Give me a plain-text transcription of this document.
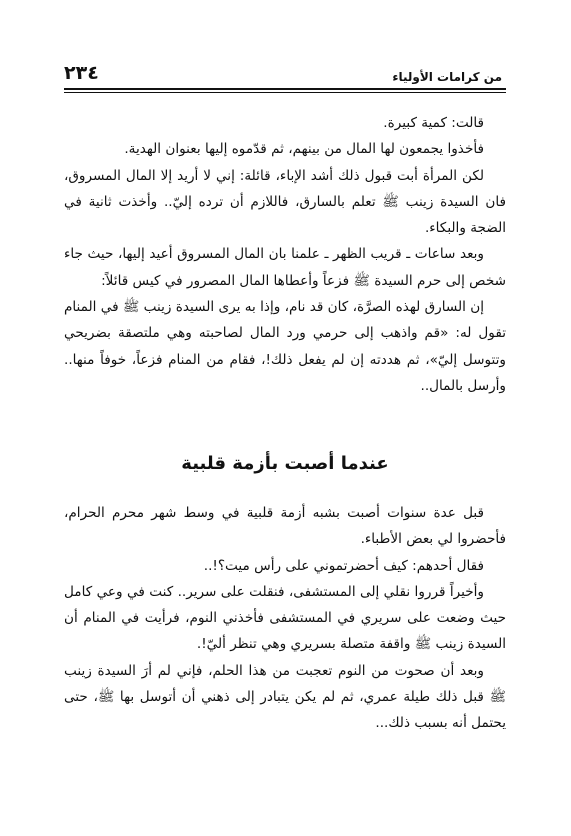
٢٣٤	من كرامات الأولياء

قالت: كمية كبيرة.

فأخذوا يجمعون لها المال من بينهم، ثم قدّموه إليها بعنوان الهدية.

لكن المرأة أبت قبول ذلك أشد الإباء، قائلة: إني لا أريد إلا المال المسروق، فان السيدة زينب ﷺ تعلم بالسارق، فاللازم أن ترده إليّ.. وأخذت ثانية في الضجة والبكاء.

وبعد ساعات ـ قريب الظهر ـ علمنا بان المال المسروق أعيد إليها، حيث جاء شخص إلى حرم السيدة ﷺ فزعاً وأعطاها المال المصرور في كيس قائلاً:

إن السارق لهذه الصرَّة، كان قد نام، وإذا به يرى السيدة زينب ﷺ في المنام تقول له: «قم واذهب إلى حرمي ورد المال لصاحبته وهي ملتصقة بضريحي وتتوسل إليّ»، ثم هددته إن لم يفعل ذلك!، فقام من المنام فزعاً، خوفاً منها.. وأرسل بالمال..

عندما أصبت بأزمة قلبية

قبل عدة سنوات أصبت بشبه أزمة قلبية في وسط شهر محرم الحرام، فأحضروا لي بعض الأطباء.

فقال أحدهم: كيف أحضرتموني على رأس ميت؟!..

وأخيراً قرروا نقلي إلى المستشفى، فنقلت على سرير.. كنت في وعي كامل حيث وضعت على سريري في المستشفى فأخذني النوم، فرأيت في المنام أن السيدة زينب ﷺ واقفة متصلة بسريري وهي تنظر أليّ!.

وبعد أن صحوت من النوم تعجبت من هذا الحلم، فإني لم أرَ السيدة زينب ﷺ قبل ذلك طيلة عمري، ثم لم يكن يتبادر إلى ذهني أن أتوسل بها ﷺ، حتى يحتمل أنه بسبب ذلك...
